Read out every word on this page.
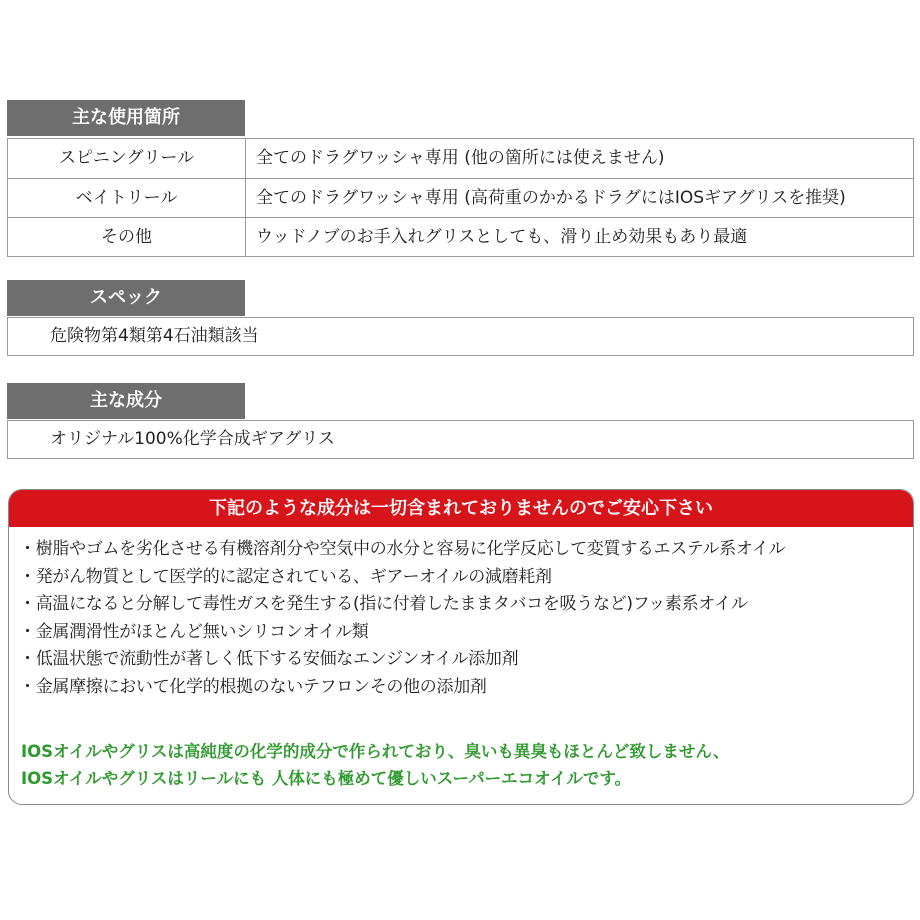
主な使用箇所
スピニングリール	全てのドラグワッシャ専用 (他の箇所には使えません)
ベイトリール	全てのドラグワッシャ専用 (高荷重のかかるドラグにはIOSギアグリスを推奨)
その他	ウッドノブのお手入れグリスとしても、滑り止め効果もあり最適
スペック
危険物第4類第4石油類該当
主な成分
オリジナル100%化学合成ギアグリス
下記のような成分は一切含まれておりませんのでご安心下さい
・樹脂やゴムを劣化させる有機溶剤分や空気中の水分と容易に化学反応して変質するエステル系オイル
・発がん物質として医学的に認定されている、ギアーオイルの減磨耗剤
・高温になると分解して毒性ガスを発生する(指に付着したままタバコを吸うなど)フッ素系オイル
・金属潤滑性がほとんど無いシリコンオイル類
・低温状態で流動性が著しく低下する安価なエンジンオイル添加剤
・金属摩擦において化学的根拠のないテフロンその他の添加剤
IOSオイルやグリスは高純度の化学的成分で作られており、臭いも異臭もほとんど致しません、
IOSオイルやグリスはリールにも 人体にも極めて優しいスーパーエコオイルです。
